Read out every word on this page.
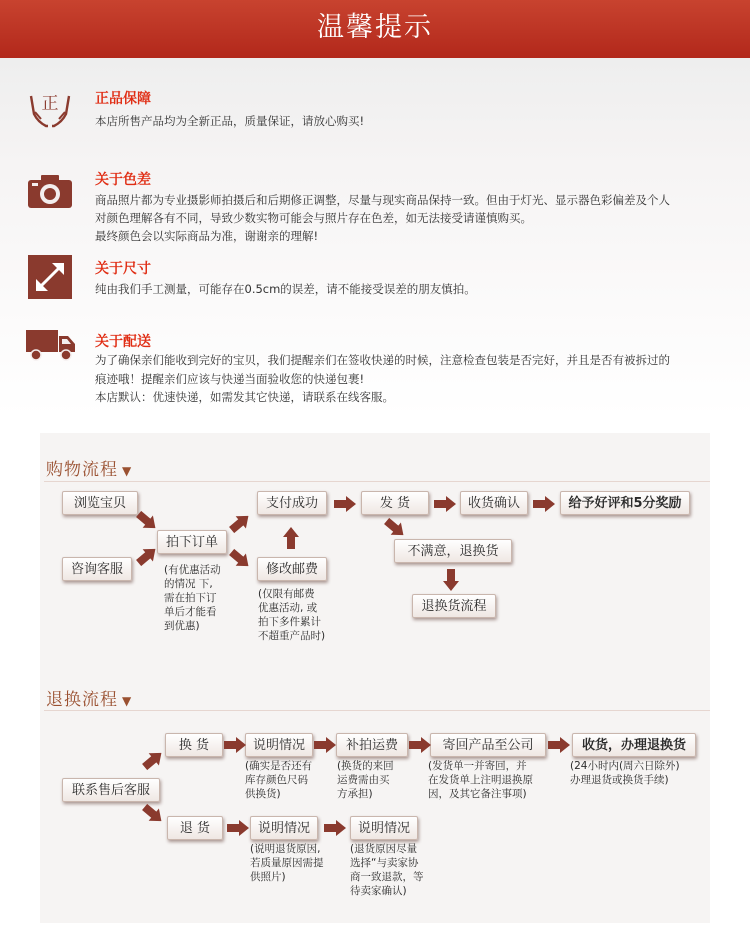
温馨提示
正	正品保障
本店所售产品均为全新正品，质量保证，请放心购买!
关于色差
商品照片都为专业摄影师拍摄后和后期修正调整，尽量与现实商品保持一致。但由于灯光、显示器色彩偏差及个人
对颜色理解各有不同，导致少数实物可能会与照片存在色差，如无法接受请谨慎购买。
最终颜色会以实际商品为准，谢谢亲的理解!
关于尺寸
纯由我们手工测量，可能存在0.5cm的误差，请不能接受误差的朋友慎拍。
关于配送
为了确保亲们能收到完好的宝贝，我们提醒亲们在签收快递的时候，注意检查包装是否完好，并且是否有被拆过的
痕迹哦！提醒亲们应该与快递当面验收您的快递包裹!
本店默认：优速快递，如需发其它快递，请联系在线客服。
购物流程 ▼
浏览宝贝
咨询客服
拍下订单
(有优惠活动
的情况 下,
需在拍下订
单后才能看
到优惠)
支付成功
修改邮费
(仅限有邮费
优惠活动, 或
拍下多件累计
不超重产品时)
发 货	收货确认	给予好评和5分奖励
不满意，退换货
退换货流程
退换流程 ▼
联系售后客服
换 货	说明情况
(确实是否还有
库存颜色尺码
供换货)
补拍运费
(换货的来回
运费需由买
方承担)
寄回产品至公司
(发货单一并寄回，并
在发货单上注明退换原
因，及其它备注事项)
收货，办理退换货
(24小时内(周六日除外)
办理退货或换货手续)
退 货	说明情况
(说明退货原因,
若质量原因需提
供照片)
说明情况
(退货原因尽量
选择“与卖家协
商一致退款，等
待卖家确认)
